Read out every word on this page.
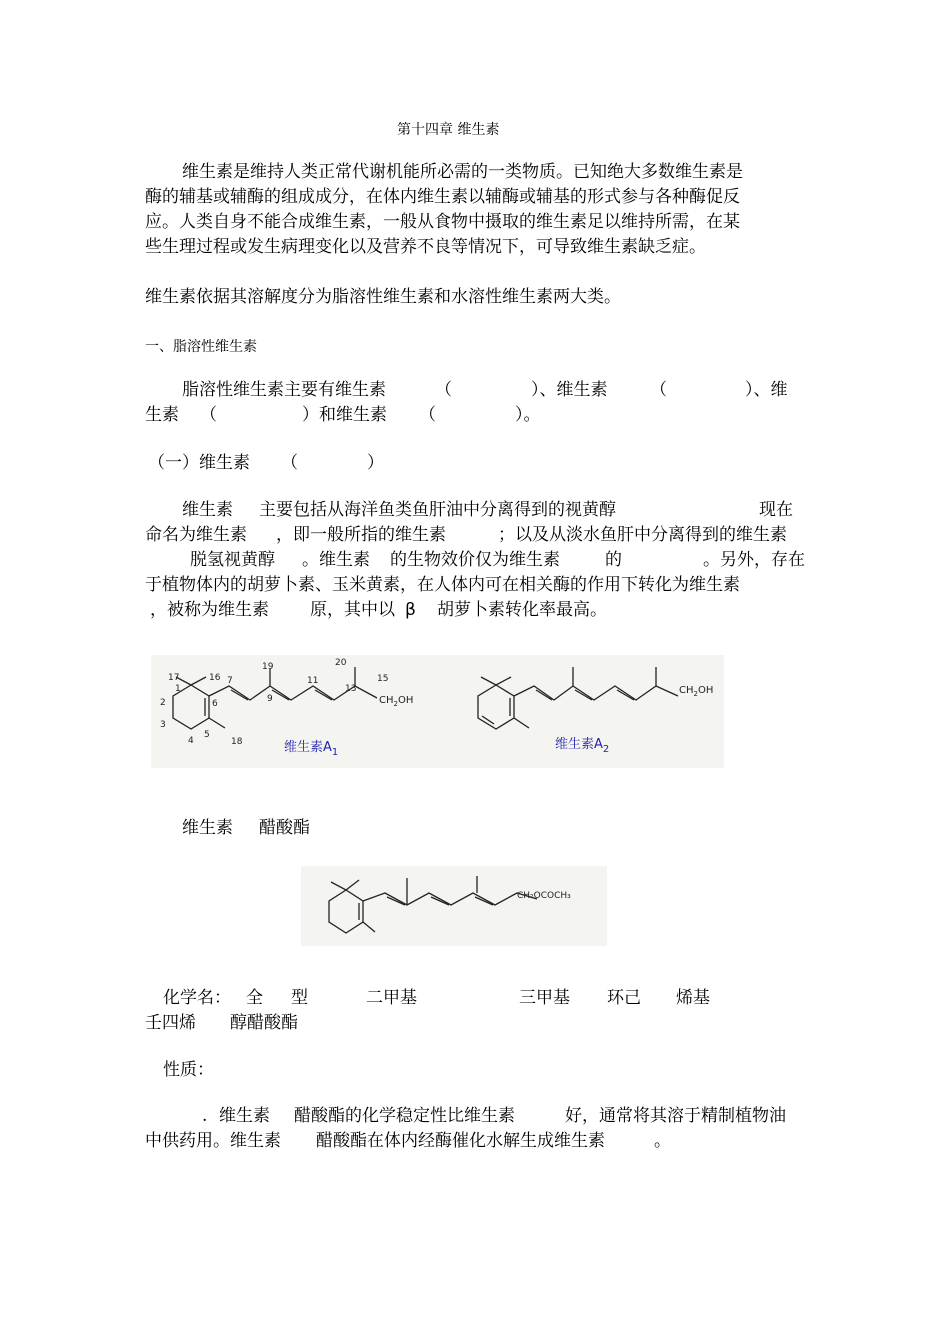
第十四章 维生素
维生素是维持人类正常代谢机能所必需的一类物质。已知绝大多数维生素是
酶的辅基或辅酶的组成成分，在体内维生素以辅酶或辅基的形式参与各种酶促反
应。人类自身不能合成维生素，一般从食物中摄取的维生素足以维持所需，在某
些生理过程或发生病理变化以及营养不良等情况下，可导致维生素缺乏症。
维生素依据其溶解度分为脂溶性维生素和水溶性维生素两大类。
一、脂溶性维生素
脂溶性维生素主要有维生素	（	）、维生素	（	）、维
生素 （	）和维生素 （	）。
（一）维生素 （	）
维生素 主要包括从海洋鱼类鱼肝油中分离得到的视黄醇	现在
命名为维生素 ，即一般所指的维生素	；以及从淡水鱼肝中分离得到的维生素
脱氢视黄醇 。维生素 的生物效价仅为维生素	的	。另外，存在
于植物体内的胡萝卜素、玉米黄素，在人体内可在相关酶的作用下转化为维生素
，被称为维生素 原，其中以 β 胡萝卜素转化率最高。
17	16
1
2
3
4
5
6
18
7
19
9
11
20
13
15
$CH_2OH$
$CH_2OH$
维生素$A_1$
维生素$A_2$
维生素 醋酸酯
CH₂OCOCH₃
化学名： 全 型	二甲基	三甲基 环己 烯基
壬四烯 醇醋酸酯
性质：
. 维生素 醋酸酯的化学稳定性比维生素	好，通常将其溶于精制植物油
中供药用。维生素 醋酸酯在体内经酶催化水解生成维生素	。
